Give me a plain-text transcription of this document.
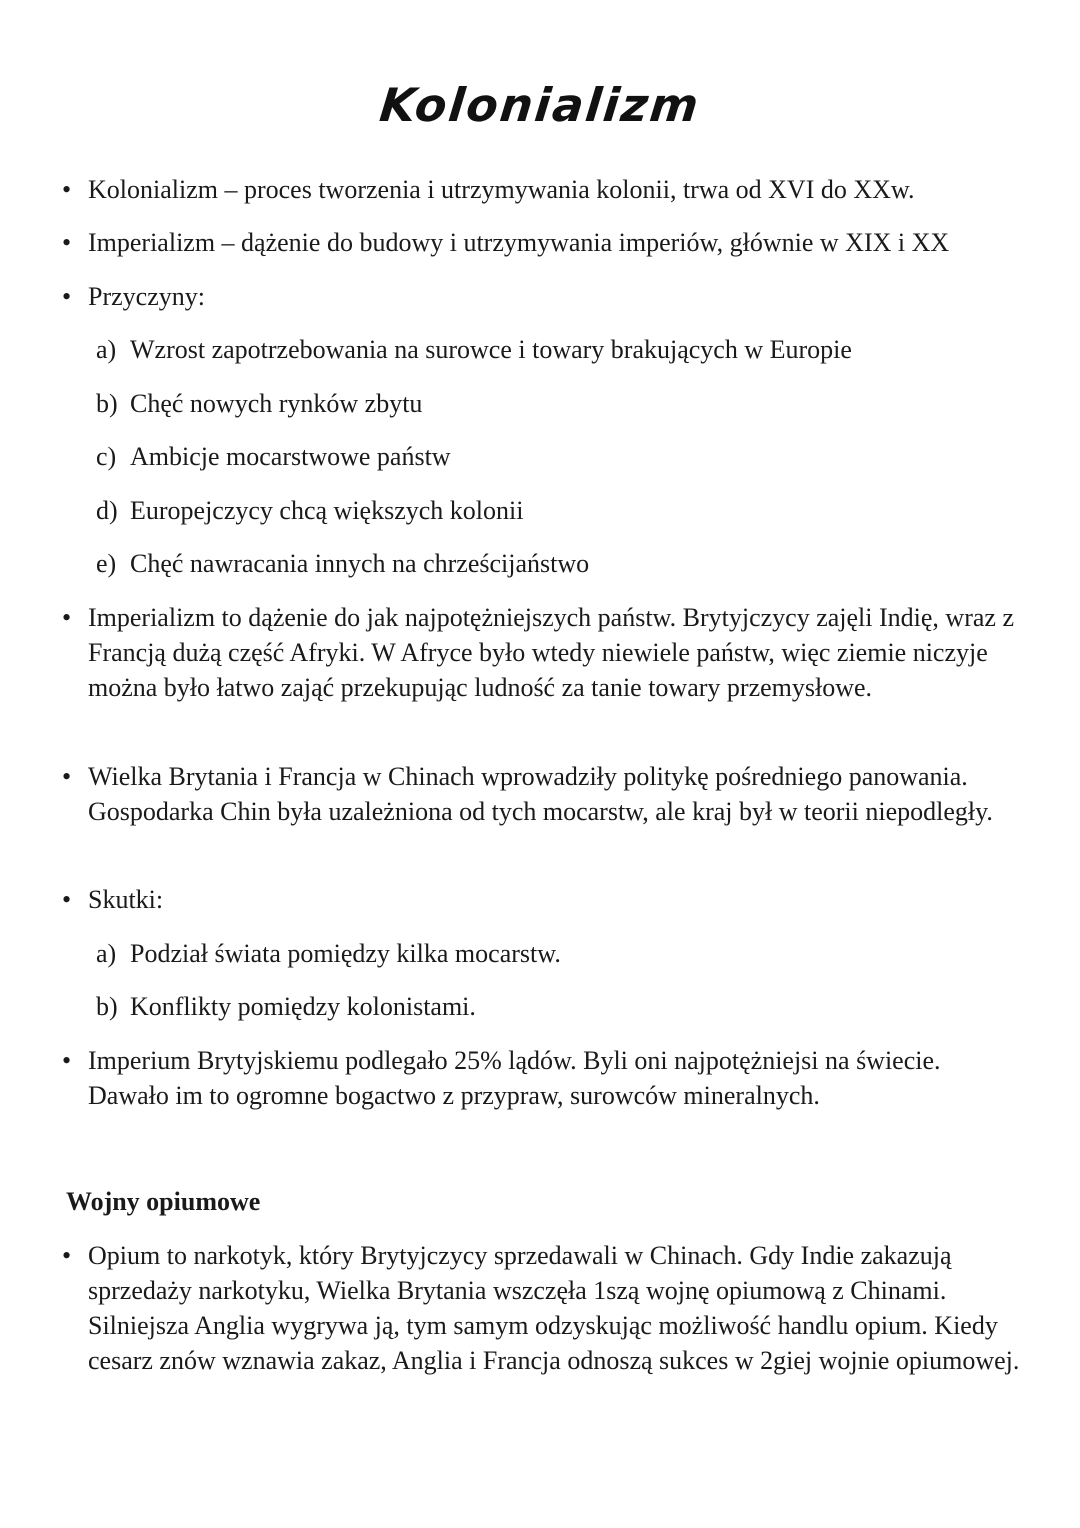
Kolonializm
• Kolonializm – proces tworzenia i utrzymywania kolonii, trwa od XVI do XXw.
• Imperializm – dążenie do budowy i utrzymywania imperiów, głównie w XIX i XX
• Przyczyny:
a) Wzrost zapotrzebowania na surowce i towary brakujących w Europie
b) Chęć nowych rynków zbytu
c) Ambicje mocarstwowe państw
d) Europejczycy chcą większych kolonii
e) Chęć nawracania innych na chrześcijaństwo
• Imperializm to dążenie do jak najpotężniejszych państw. Brytyjczycy zajęli Indię, wraz z Francją dużą część Afryki. W Afryce było wtedy niewiele państw, więc ziemie niczyje można było łatwo zająć przekupując ludność za tanie towary przemysłowe.
• Wielka Brytania i Francja w Chinach wprowadziły politykę pośredniego panowania. Gospodarka Chin była uzależniona od tych mocarstw, ale kraj był w teorii niepodległy.
• Skutki:
a) Podział świata pomiędzy kilka mocarstw.
b) Konflikty pomiędzy kolonistami.
• Imperium Brytyjskiemu podlegało 25% lądów. Byli oni najpotężniejsi na świecie. Dawało im to ogromne bogactwo z przypraw, surowców mineralnych.
Wojny opiumowe
• Opium to narkotyk, który Brytyjczycy sprzedawali w Chinach. Gdy Indie zakazują sprzedaży narkotyku, Wielka Brytania wszczęła 1szą wojnę opiumową z Chinami. Silniejsza Anglia wygrywa ją, tym samym odzyskując możliwość handlu opium. Kiedy cesarz znów wznawia zakaz, Anglia i Francja odnoszą sukces w 2giej wojnie opiumowej.
